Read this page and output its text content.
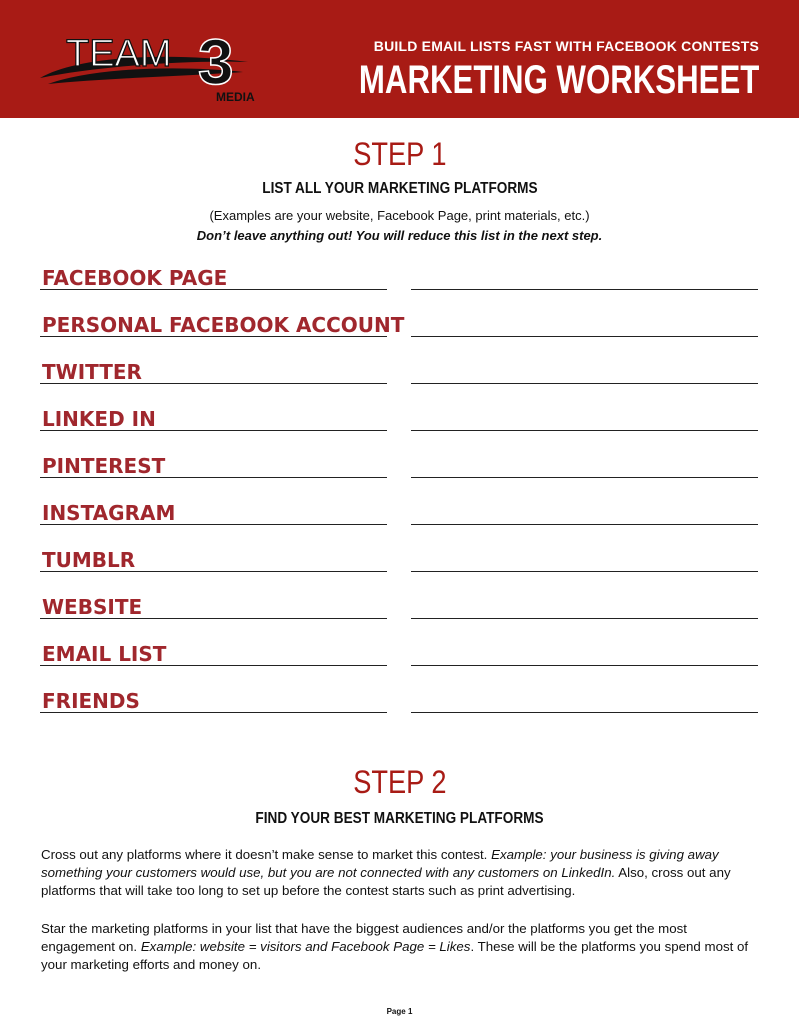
TEAM 3
MEDIA
BUILD EMAIL LISTS FAST WITH FACEBOOK CONTESTS
MARKETING WORKSHEET
STEP 1
LIST ALL YOUR MARKETING PLATFORMS
(Examples are your website, Facebook Page, print materials, etc.)
Don’t leave anything out! You will reduce this list in the next step.
FACEBOOK PAGE
PERSONAL FACEBOOK ACCOUNT
TWITTER
LINKED IN
PINTEREST
INSTAGRAM
TUMBLR
WEBSITE
EMAIL LIST
FRIENDS
STEP 2
FIND YOUR BEST MARKETING PLATFORMS
Cross out any platforms where it doesn’t make sense to market this contest. Example: your business is giving away something your customers would use, but you are not connected with any customers on LinkedIn. Also, cross out any platforms that will take too long to set up before the contest starts such as print advertising.
Star the marketing platforms in your list that have the biggest audiences and/or the platforms you get the most engagement on. Example: website = visitors and Facebook Page = Likes. These will be the platforms you spend most of your marketing efforts and money on.
Page 1
